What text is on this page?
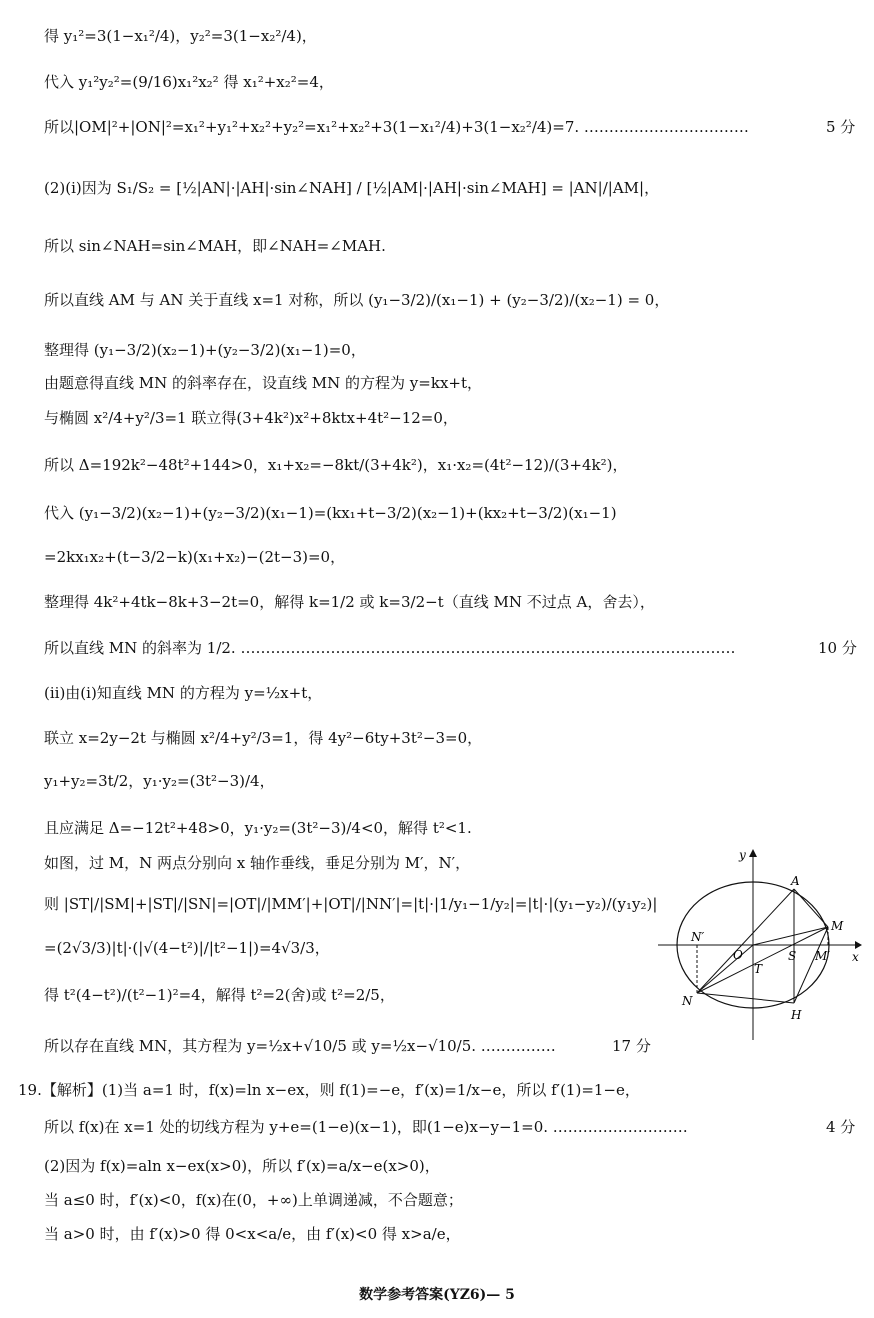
得 y₁²=3(1−x₁²/4)，y₂²=3(1−x₂²/4)，
代入 y₁²y₂²=(9/16)x₁²x₂² 得 x₁²+x₂²=4，
所以|OM|²+|ON|²=x₁²+y₁²+x₂²+y₂²=x₁²+x₂²+3(1−x₁²/4)+3(1−x₂²/4)=7. ……………………………
(2)(ⅰ)因为 S₁/S₂ = [½|AN|·|AH|·sin∠NAH] / [½|AM|·|AH|·sin∠MAH] = |AN|/|AM|，
所以 sin∠NAH=sin∠MAH，即∠NAH=∠MAH.
所以直线 AM 与 AN 关于直线 x=1 对称，所以 (y₁−3/2)/(x₁−1) + (y₂−3/2)/(x₂−1) = 0，
整理得 (y₁−3/2)(x₂−1)+(y₂−3/2)(x₁−1)=0，
由题意得直线 MN 的斜率存在，设直线 MN 的方程为 y=kx+t，
与椭圆 x²/4+y²/3=1 联立得(3+4k²)x²+8ktx+4t²−12=0，
所以 Δ=192k²−48t²+144>0，x₁+x₂=−8kt/(3+4k²)，x₁·x₂=(4t²−12)/(3+4k²)，
代入 (y₁−3/2)(x₂−1)+(y₂−3/2)(x₁−1)=(kx₁+t−3/2)(x₂−1)+(kx₂+t−3/2)(x₁−1)
=2kx₁x₂+(t−3/2−k)(x₁+x₂)−(2t−3)=0，
整理得 4k²+4tk−8k+3−2t=0，解得 k=1/2 或 k=3/2−t（直线 MN 不过点 A，舍去），
所以直线 MN 的斜率为 1/2. ………………………………………………………………………………………
(ⅱ)由(ⅰ)知直线 MN 的方程为 y=½x+t，
联立 x=2y−2t 与椭圆 x²/4+y²/3=1，得 4y²−6ty+3t²−3=0，
y₁+y₂=3t/2，y₁·y₂=(3t²−3)/4，
且应满足 Δ=−12t²+48>0，y₁·y₂=(3t²−3)/4<0，解得 t²<1.
如图，过 M，N 两点分别向 x 轴作垂线，垂足分别为 M′，N′，
则 |ST|/|SM|+|ST|/|SN|=|OT|/|MM′|+|OT|/|NN′|=|t|·|1/y₁−1/y₂|=|t|·|(y₁−y₂)/(y₁y₂)|
=(2√3/3)|t|·(|√(4−t²)|/|t²−1|)=4√3/3，
得 t²(4−t²)/(t²−1)²=4，解得 t²=2(舍)或 t²=2/5，
所以存在直线 MN，其方程为 y=½x+√10/5 或 y=½x−√10/5. ……………
19.【解析】(1)当 a=1 时，f(x)=ln x−ex，则 f(1)=−e，f′(x)=1/x−e，所以 f′(1)=1−e，
所以 f(x)在 x=1 处的切线方程为 y+e=(1−e)(x−1)，即(1−e)x−y−1=0. ………………………
(2)因为 f(x)=aln x−ex(x>0)，所以 f′(x)=a/x−e(x>0)，
当 a≤0 时，f′(x)<0，f(x)在(0，+∞)上单调递减，不合题意；
当 a>0 时，由 f′(x)>0 得 0<x<a/e，由 f′(x)<0 得 x>a/e，
5 分
10 分
17 分
4 分
x
y
A
M
M′
S
O
T
N′
N
H
数学参考答案(YZ6)— 5
